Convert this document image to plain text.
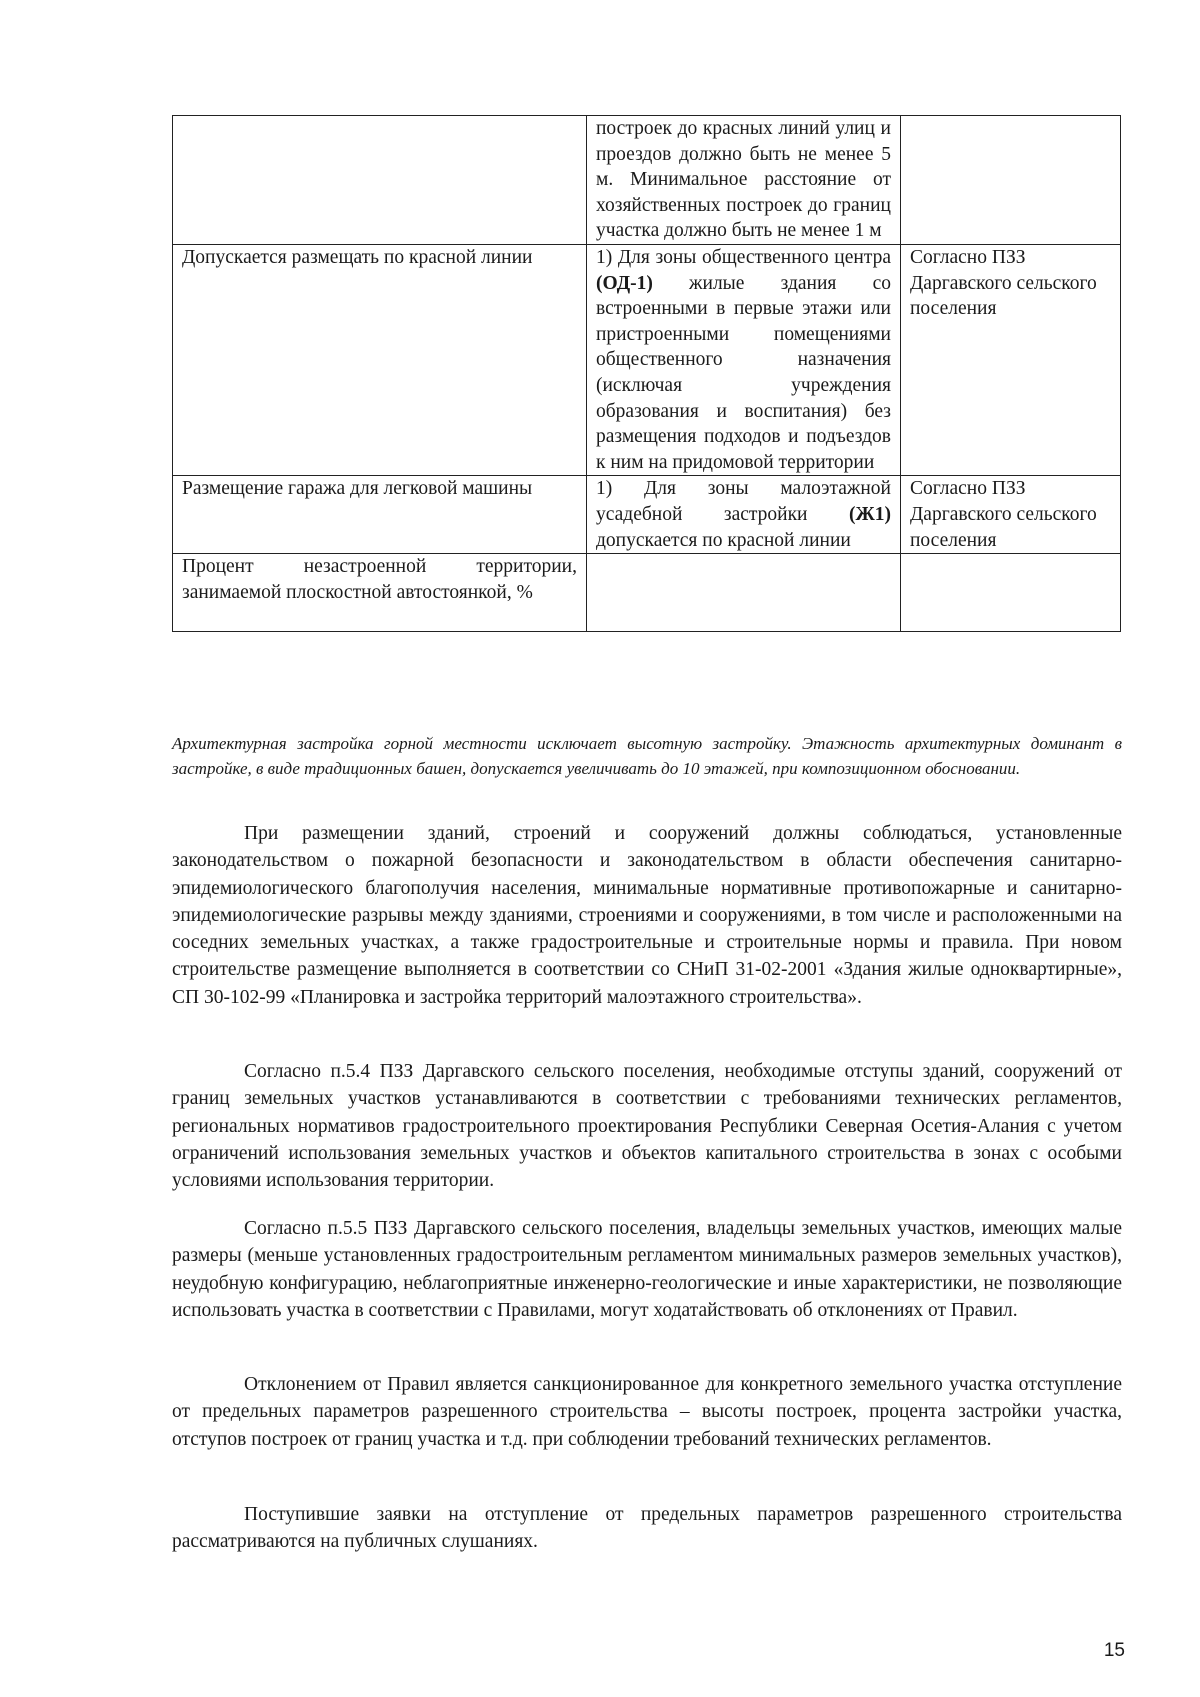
	построек до красных линий улиц и проездов должно быть не менее 5 м. Минимальное расстояние от хозяйственных построек до границ участка должно быть не менее 1 м	
Допускается размещать по красной линии	1) Для зоны общественного центра (ОД-1) жилые здания со встроенными в первые этажи или пристроенными помещениями общественного назначения (исключая учреждения образования и воспитания) без размещения подходов и подъездов к ним на придомовой территории	Согласно ПЗЗ Даргавского сельского поселения
Размещение гаража для легковой машины	1) Для зоны малоэтажной усадебной застройки (Ж1) допускается по красной линии	Согласно ПЗЗ Даргавского сельского поселения
Процент незастроенной территории, занимаемой плоскостной автостоянкой, %		
Архитектурная застройка горной местности исключает высотную застройку. Этажность архитектурных доминант в застройке, в виде традиционных башен, допускается увеличивать до 10 этажей, при композиционном обосновании.

При размещении зданий, строений и сооружений должны соблюдаться, установленные законодательством о пожарной безопасности и законодательством в области обеспечения санитарно-эпидемиологического благополучия населения, минимальные нормативные противопожарные и санитарно-эпидемиологические разрывы между зданиями, строениями и сооружениями, в том числе и расположенными на соседних земельных участках, а также градостроительные и строительные нормы и правила. При новом строительстве размещение выполняется в соответствии со СНиП 31-02-2001 «Здания жилые одноквартирные», СП 30-102-99 «Планировка и застройка территорий малоэтажного строительства».

Согласно п.5.4 ПЗЗ Даргавского сельского поселения, необходимые отступы зданий, сооружений от границ земельных участков устанавливаются в соответствии с требованиями технических регламентов, региональных нормативов градостроительного проектирования Республики Северная Осетия-Алания с учетом ограничений использования земельных участков и объектов капитального строительства в зонах с особыми условиями использования территории.

Согласно п.5.5 ПЗЗ Даргавского сельского поселения, владельцы земельных участков, имеющих малые размеры (меньше установленных градостроительным регламентом минимальных размеров земельных участков), неудобную конфигурацию, неблагоприятные инженерно-геологические и иные характеристики, не позволяющие использовать участка в соответствии с Правилами, могут ходатайствовать об отклонениях от Правил.

Отклонением от Правил является санкционированное для конкретного земельного участка отступление от предельных параметров разрешенного строительства – высоты построек, процента застройки участка, отступов построек от границ участка и т.д. при соблюдении требований технических регламентов.

Поступившие заявки на отступление от предельных параметров разрешенного строительства рассматриваются на публичных слушаниях.

15
